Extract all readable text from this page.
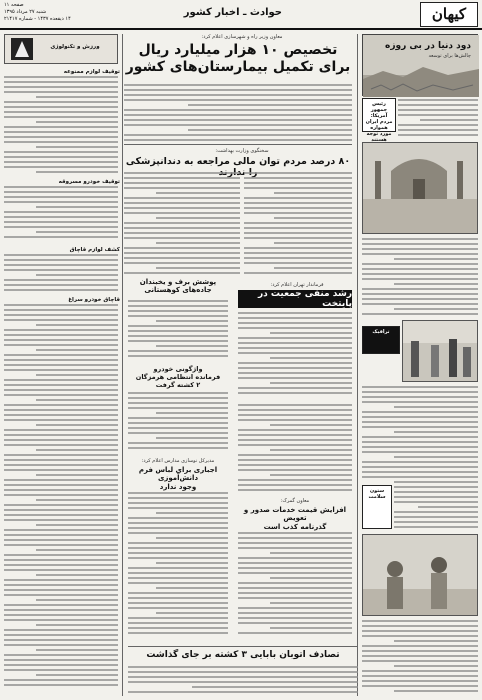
کیهان
حوادث ـ اخبار کشور
صفحه ۱۱
شنبه ۲۷ مرداد ۱۳۹۵
۱۴ ذیقعده ۱۴۳۷ - شماره ۲۱۴۱۷
دود دنیا در بی روزه
چالش‌ها برای توسعه
رئیس جمهور آمریکا: مردم ایران همواره مورد توجه هستند
ترافیک
ستون سلامت
معاون وزیر راه و شهرسازی اعلام کرد:
تخصیص ۱۰ هزار میلیارد ریال
برای تکمیل بیمارستان‌های کشور
سخنگوی وزارت بهداشت:
۸۰ درصد مردم توان مالی مراجعه به دندانپزشکی
ورزش و تکنولوژی
توقیف لوازم ممنوعه
توقیف خودرو مسروقه
کشف لوازم قاچاق
قاچاق خودرو سراغ
پوشش برف و یخبندان
جاده‌های کوهستانی
فرماندار تهران اعلام کرد:
رشد منفی جمعیت در پایتخت
واژگونی خودرو
فرمانده انتظامی هرمزگان
۲ کشته گرفت
مدیرکل نوسازی مدارس اعلام کرد:
اجباری برای لباس فرم دانش‌آموزی
وجود ندارد
معاون گمرک:
افزایش قیمت خدمات صدور و تعویض
گذرنامه کذب است
تصادف اتوبان بابایی ۳ کشته بر جای گذاشت
